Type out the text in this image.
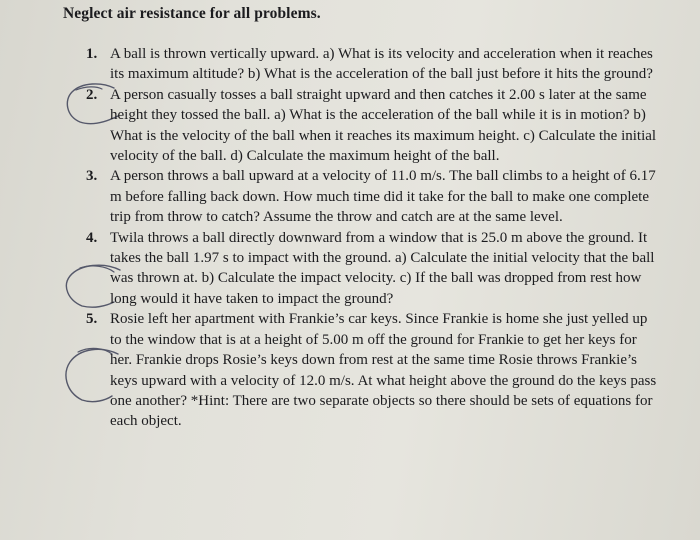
Neglect air resistance for all problems.
1. A ball is thrown vertically upward. a) What is its velocity and acceleration when it reaches its maximum altitude? b) What is the acceleration of the ball just before it hits the ground?
2. A person casually tosses a ball straight upward and then catches it 2.00 s later at the same height they tossed the ball. a) What is the acceleration of the ball while it is in motion? b) What is the velocity of the ball when it reaches its maximum height. c) Calculate the initial velocity of the ball. d) Calculate the maximum height of the ball.
3. A person throws a ball upward at a velocity of 11.0 m/s. The ball climbs to a height of 6.17 m before falling back down. How much time did it take for the ball to make one complete trip from throw to catch? Assume the throw and catch are at the same level.
4. Twila throws a ball directly downward from a window that is 25.0 m above the ground. It takes the ball 1.97 s to impact with the ground. a) Calculate the initial velocity that the ball was thrown at. b) Calculate the impact velocity. c) If the ball was dropped from rest how long would it have taken to impact the ground?
5. Rosie left her apartment with Frankie’s car keys. Since Frankie is home she just yelled up to the window that is at a height of 5.00 m off the ground for Frankie to get her keys for her. Frankie drops Rosie’s keys down from rest at the same time Rosie throws Frankie’s keys upward with a velocity of 12.0 m/s. At what height above the ground do the keys pass one another? *Hint: There are two separate objects so there should be sets of equations for each object.
